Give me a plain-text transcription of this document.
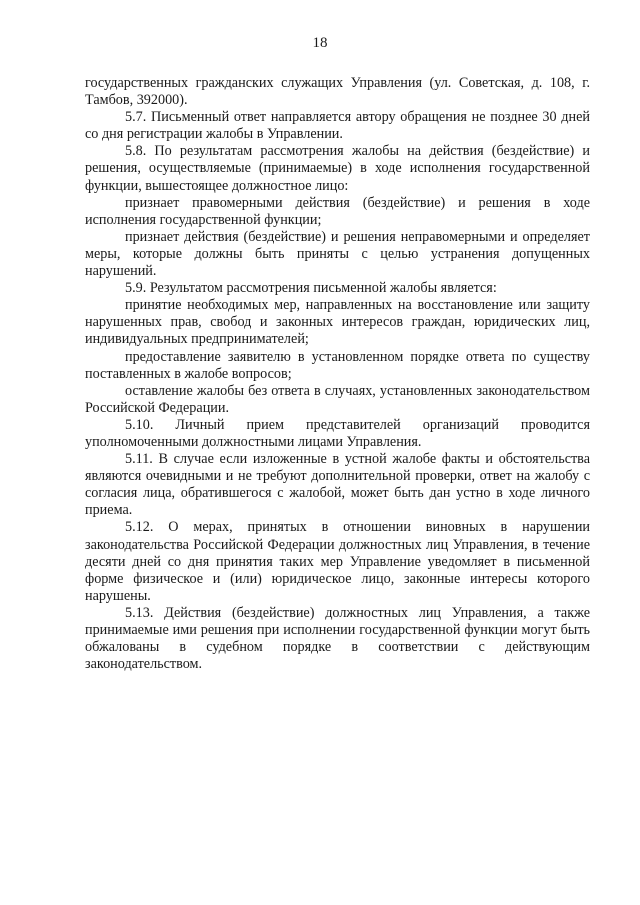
18

государственных гражданских служащих Управления (ул. Советская, д. 108, г. Тамбов, 392000).

5.7. Письменный ответ направляется автору обращения не позднее 30 дней со дня регистрации жалобы в Управлении.

5.8. По результатам рассмотрения жалобы на действия (бездействие) и решения, осуществляемые (принимаемые) в ходе исполнения государственной функции, вышестоящее должностное лицо:

признает правомерными действия (бездействие) и решения в ходе исполнения государственной функции;

признает действия (бездействие) и решения неправомерными и определяет меры, которые должны быть приняты с целью устранения допущенных нарушений.

5.9. Результатом рассмотрения письменной жалобы является:

принятие необходимых мер, направленных на восстановление или защиту нарушенных прав, свобод и законных интересов граждан, юридических лиц, индивидуальных предпринимателей;

предоставление заявителю в установленном порядке ответа по существу поставленных в жалобе вопросов;

оставление жалобы без ответа в случаях, установленных законодательством Российской Федерации.

5.10. Личный прием представителей организаций проводится уполномоченными должностными лицами Управления.

5.11. В случае если изложенные в устной жалобе факты и обстоятельства являются очевидными и не требуют дополнительной проверки, ответ на жалобу с согласия лица, обратившегося с жалобой, может быть дан устно в ходе личного приема.

5.12. О мерах, принятых в отношении виновных в нарушении законодательства Российской Федерации должностных лиц Управления, в течение десяти дней со дня принятия таких мер Управление уведомляет в письменной форме физическое и (или) юридическое лицо, законные интересы которого нарушены.

5.13. Действия (бездействие) должностных лиц Управления, а также принимаемые ими решения при исполнении государственной функции могут быть обжалованы в судебном порядке в соответствии с действующим законодательством.
